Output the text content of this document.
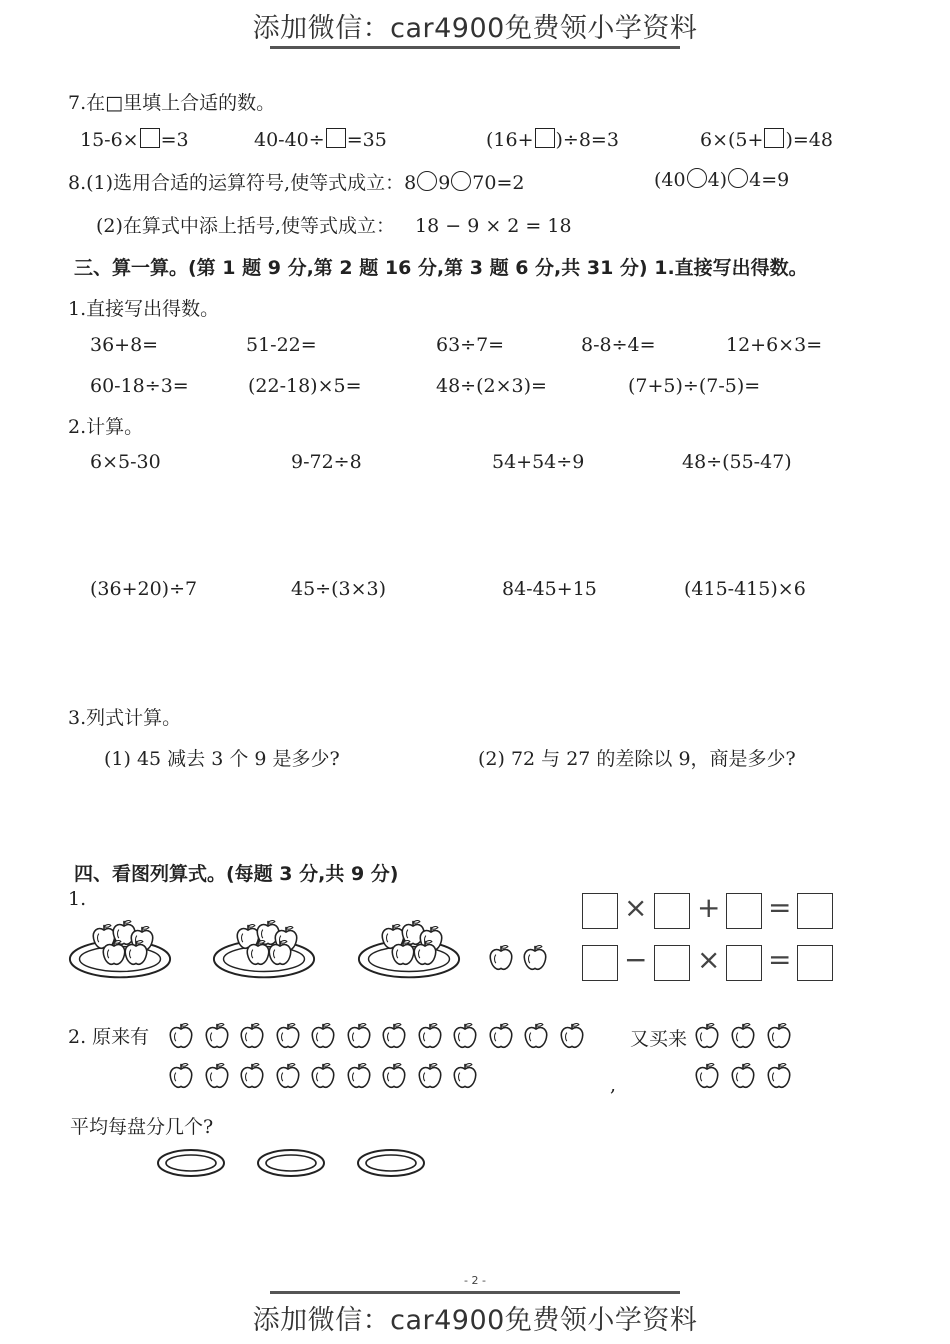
添加微信：car4900免费领小学资料
7.在□里填上合适的数。
15-6× =3	40-40÷ =35	(16+ )÷8=3	6×(5+ )=48
8.(1)选用合适的运算符号,使等式成立：8 9 70=2	(40 4) 4=9
(2)在算式中添上括号,使等式成立： 18 − 9 × 2 = 18
三、算一算。(第 1 题 9 分,第 2 题 16 分,第 3 题 6 分,共 31 分) 1.直接写出得数。
1.直接写出得数。
36+8=	51-22=	63÷7=	8-8÷4=	12+6×3=
60-18÷3=	(22-18)×5=	48÷(2×3)=	(7+5)÷(7-5)=
2.计算。
6×5-30	9-72÷8	54+54÷9	48÷(55-47)
(36+20)÷7	45÷(3×3)	84-45+15	(415-415)×6
3.列式计算。
(1) 45 减去 3 个 9 是多少?	(2) 72 与 27 的差除以 9，商是多少?
四、看图列算式。(每题 3 分,共 9 分)
1.	× + =
− × =
2. 原来有	又买来
,
平均每盘分几个?
- 2 -
添加微信：car4900免费领小学资料
